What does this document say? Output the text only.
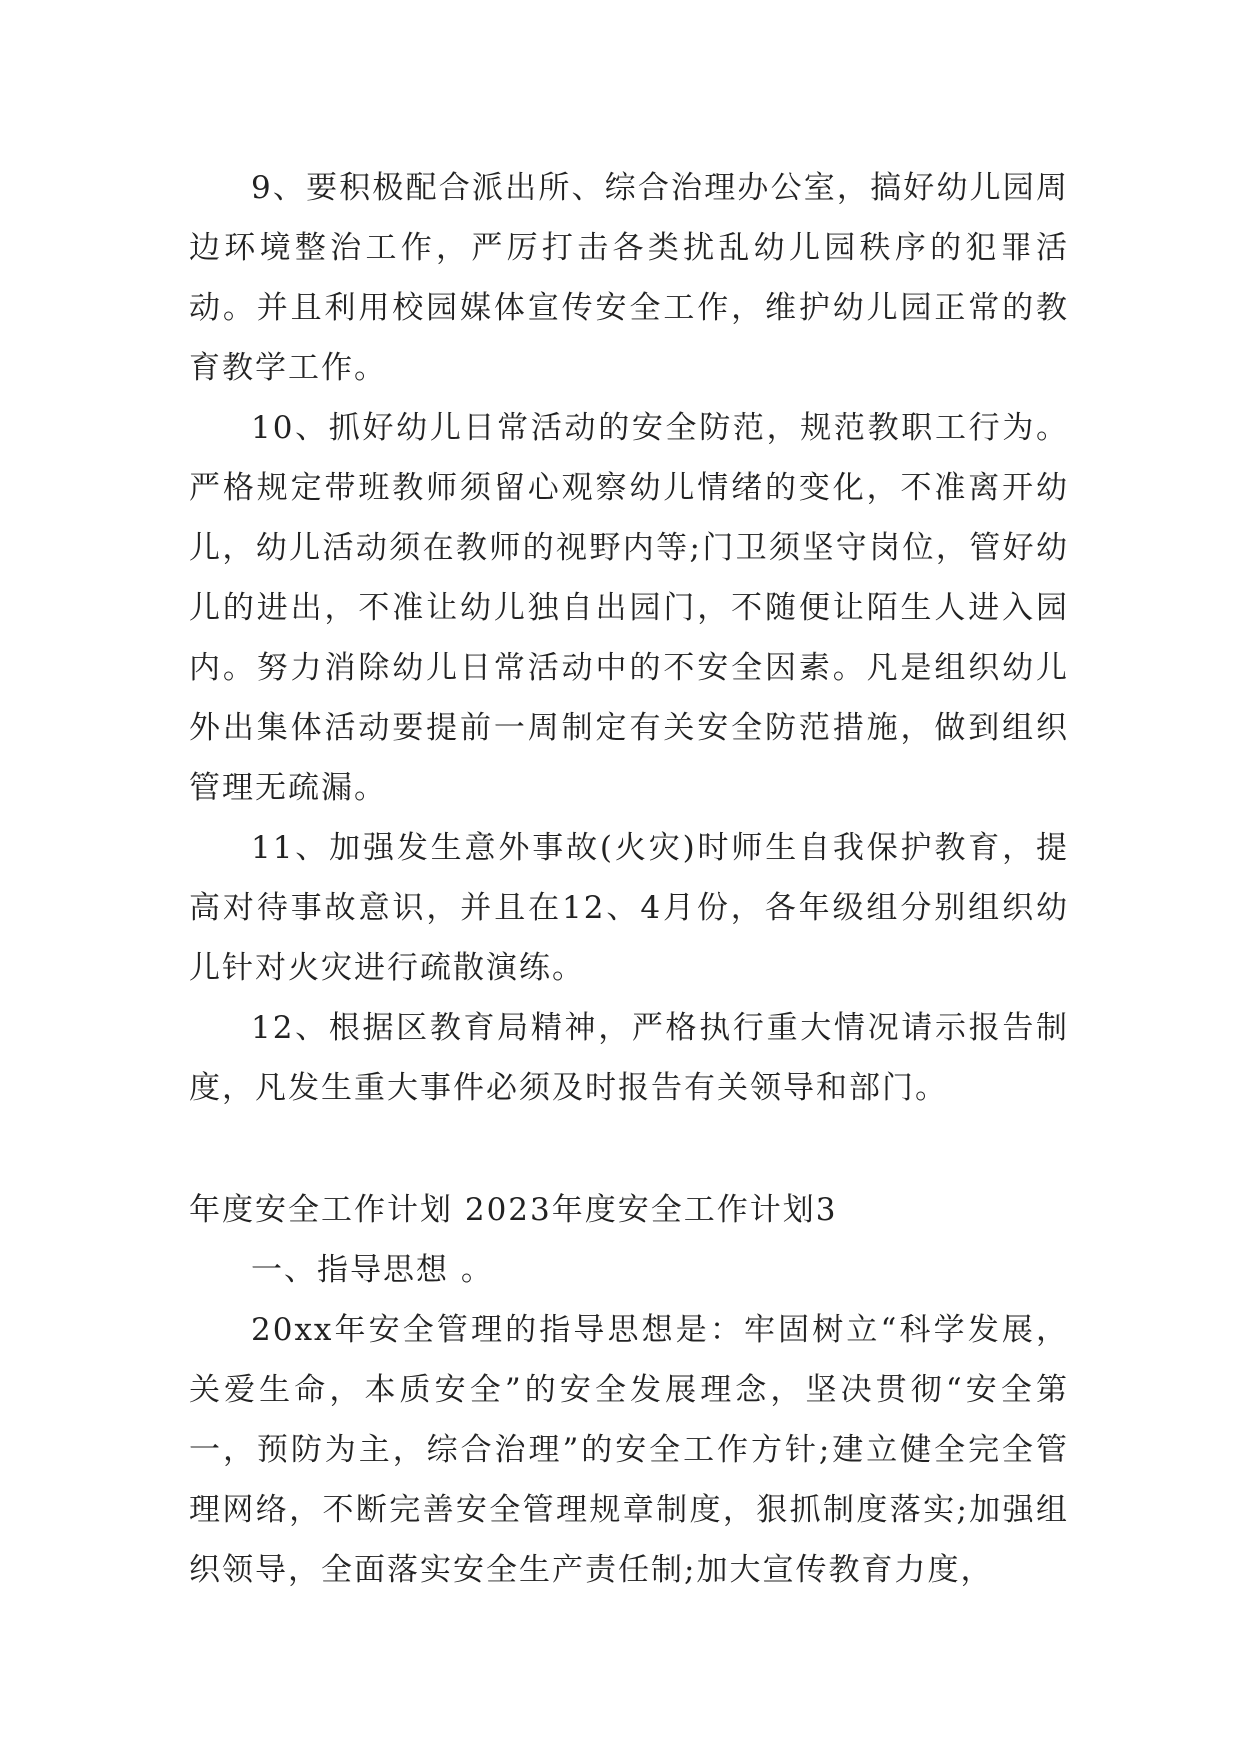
9、要积极配合派出所、综合治理办公室，搞好幼儿园周边环境整治工作，严厉打击各类扰乱幼儿园秩序的犯罪活动。并且利用校园媒体宣传安全工作，维护幼儿园正常的教育教学工作。

10、抓好幼儿日常活动的安全防范，规范教职工行为。严格规定带班教师须留心观察幼儿情绪的变化，不准离开幼儿，幼儿活动须在教师的视野内等;门卫须坚守岗位，管好幼儿的进出，不准让幼儿独自出园门，不随便让陌生人进入园内。努力消除幼儿日常活动中的不安全因素。凡是组织幼儿外出集体活动要提前一周制定有关安全防范措施，做到组织管理无疏漏。

11、加强发生意外事故(火灾)时师生自我保护教育，提高对待事故意识，并且在12、4月份，各年级组分别组织幼儿针对火灾进行疏散演练。

12、根据区教育局精神，严格执行重大情况请示报告制度，凡发生重大事件必须及时报告有关领导和部门。

年度安全工作计划 2023年度安全工作计划3

一、指导思想 。

20xx年安全管理的指导思想是：牢固树立“科学发展，关爱生命，本质安全”的安全发展理念，坚决贯彻“安全第一，预防为主，综合治理”的安全工作方针;建立健全完全管理网络，不断完善安全管理规章制度，狠抓制度落实;加强组织领导，全面落实安全生产责任制;加大宣传教育力度，
